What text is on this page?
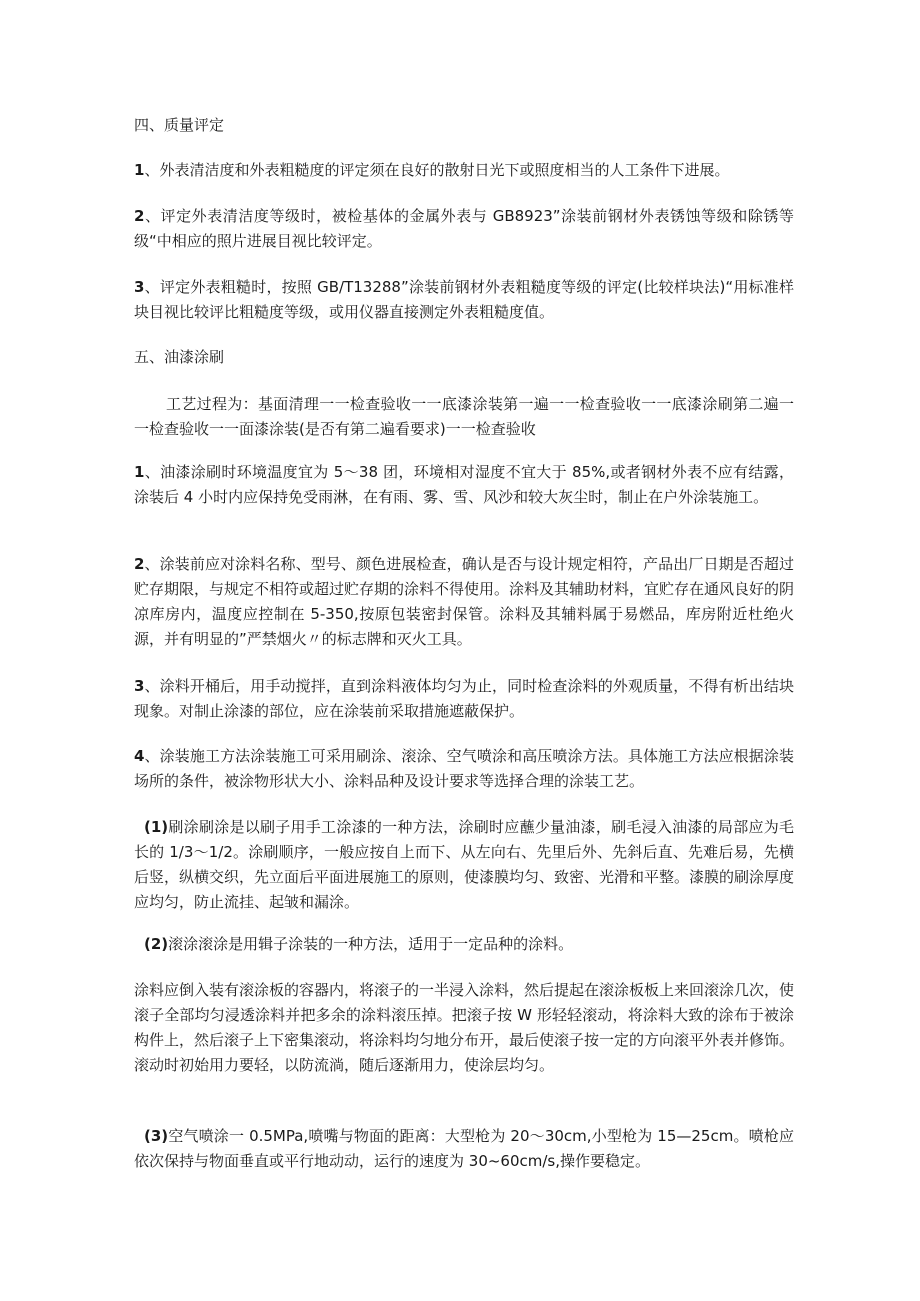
四、质量评定

1、外表清洁度和外表粗糙度的评定须在良好的散射日光下或照度相当的人工条件下进展。

2、评定外表清洁度等级时，被检基体的金属外表与 GB8923”涂装前钢材外表锈蚀等级和除锈等级“中相应的照片进展目视比较评定。

3、评定外表粗糙时，按照 GB/T13288”涂装前钢材外表粗糙度等级的评定(比较样块法)“用标准样块目视比较评比粗糙度等级，或用仪器直接测定外表粗糙度值。

五、油漆涂刷

工艺过程为：基面清理一一检查验收一一底漆涂装第一遍一一检查验收一一底漆涂刷第二遍一一检查验收一一面漆涂装(是否有第二遍看要求)一一检查验收

1、油漆涂刷时环境温度宜为 5～38 团，环境相对湿度不宜大于 85%,或者钢材外表不应有结露，涂装后 4 小时内应保持免受雨淋，在有雨、雾、雪、风沙和较大灰尘时，制止在户外涂装施工。

2、涂装前应对涂料名称、型号、颜色进展检查，确认是否与设计规定相符，产品出厂日期是否超过贮存期限，与规定不相符或超过贮存期的涂料不得使用。涂料及其辅助材料，宜贮存在通风良好的阴凉库房内，温度应控制在 5-350,按原包装密封保管。涂料及其辅料属于易燃品，库房附近杜绝火源，并有明显的”严禁烟火〃的标志牌和灭火工具。

3、涂料开桶后，用手动搅拌，直到涂料液体均匀为止，同时检查涂料的外观质量，不得有析出结块现象。对制止涂漆的部位，应在涂装前采取措施遮蔽保护。

4、涂装施工方法涂装施工可采用刷涂、滚涂、空气喷涂和高压喷涂方法。具体施工方法应根据涂装场所的条件，被涂物形状大小、涂料品种及设计要求等选择合理的涂装工艺。

(1)刷涂刷涂是以刷子用手工涂漆的一种方法，涂刷时应蘸少量油漆，刷毛浸入油漆的局部应为毛长的 1/3～1/2。涂刷顺序，一般应按自上而下、从左向右、先里后外、先斜后直、先难后易，先横后竖，纵横交织，先立面后平面进展施工的原则，使漆膜均匀、致密、光滑和平整。漆膜的刷涂厚度应均匀，防止流挂、起皱和漏涂。

(2)滚涂滚涂是用辑子涂装的一种方法，适用于一定品种的涂料。

涂料应倒入装有滚涂板的容器内，将滚子的一半浸入涂料，然后提起在滚涂板板上来回滚涂几次，使滚子全部均匀浸透涂料并把多余的涂料滚压掉。把滚子按 W 形轻轻滚动，将涂料大致的涂布于被涂构件上，然后滚子上下密集滚动，将涂料均匀地分布开，最后使滚子按一定的方向滚平外表并修饰。滚动时初始用力要轻，以防流淌，随后逐渐用力，使涂层均匀。

(3)空气喷涂一 0.5MPa,喷嘴与物面的距离：大型枪为 20～30cm,小型枪为 15—25cm。喷枪应依次保持与物面垂直或平行地动动，运行的速度为 30~60cm/s,操作要稳定。
